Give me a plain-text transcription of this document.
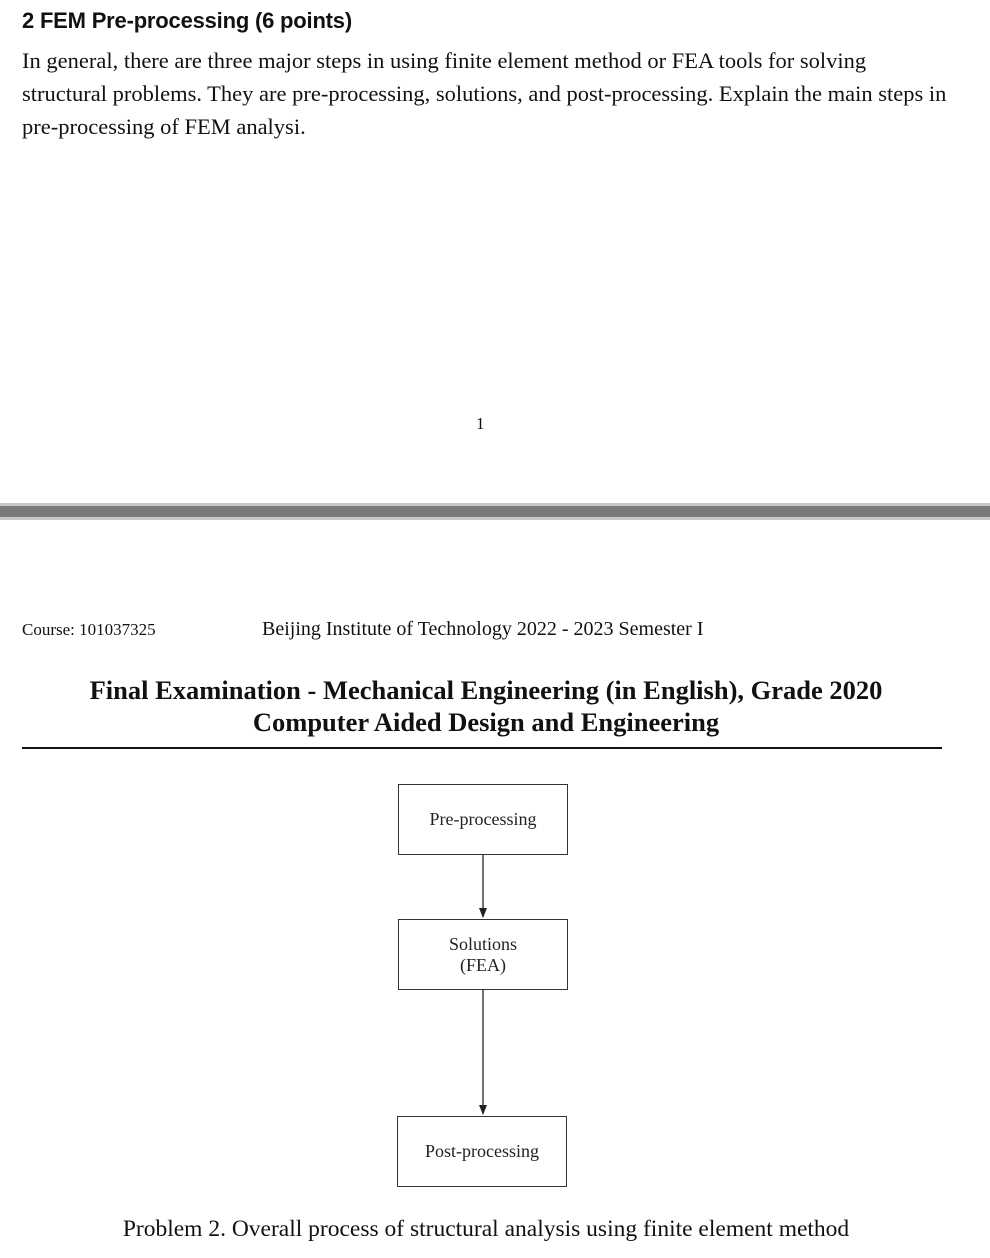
2 FEM Pre-processing (6 points)
In general, there are three major steps in using finite element method or FEA tools for solving structural problems. They are pre-processing, solutions, and post-processing. Explain the main steps in pre-processing of FEM analysi.
1
Course: 101037325	Beijing Institute of Technology 2022 - 2023 Semester I
Final Examination - Mechanical Engineering (in English), Grade 2020
Computer Aided Design and Engineering
Pre-processing
Solutions
(FEA)
Post-processing
Problem 2. Overall process of structural analysis using finite element method
